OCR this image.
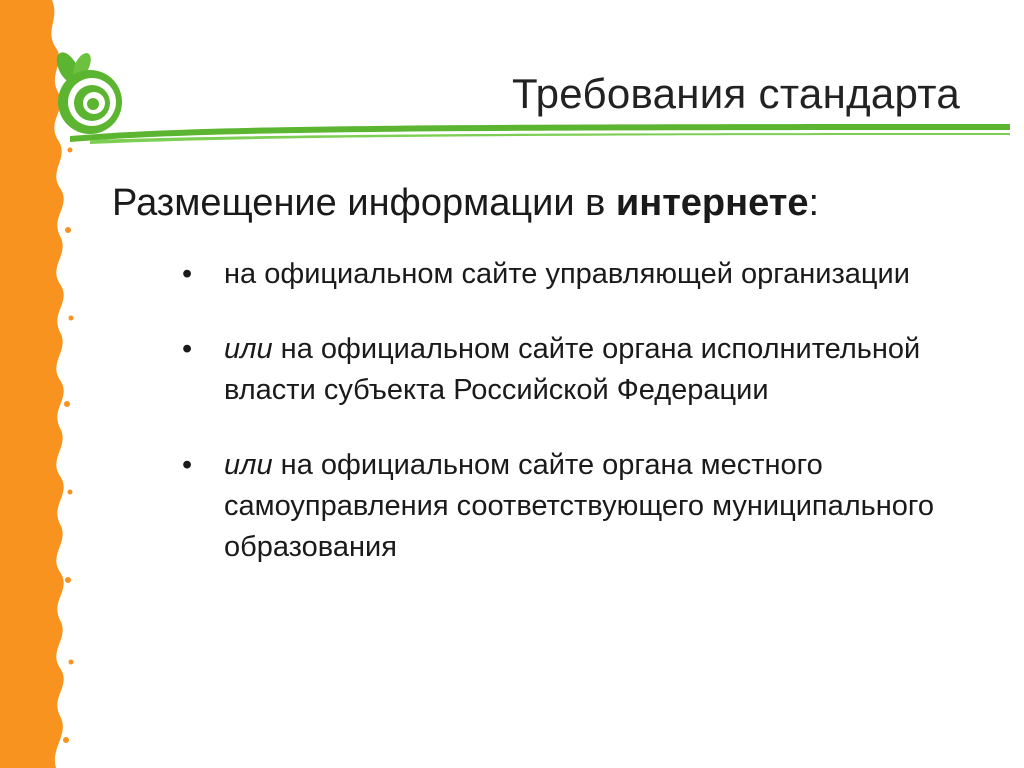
Требования стандарта
Размещение информации в интернете:
• на официальном сайте управляющей организации
• или на официальном сайте органа исполнительной власти субъекта Российской Федерации
• или на официальном сайте органа местного самоуправления соответствующего муниципального образования
